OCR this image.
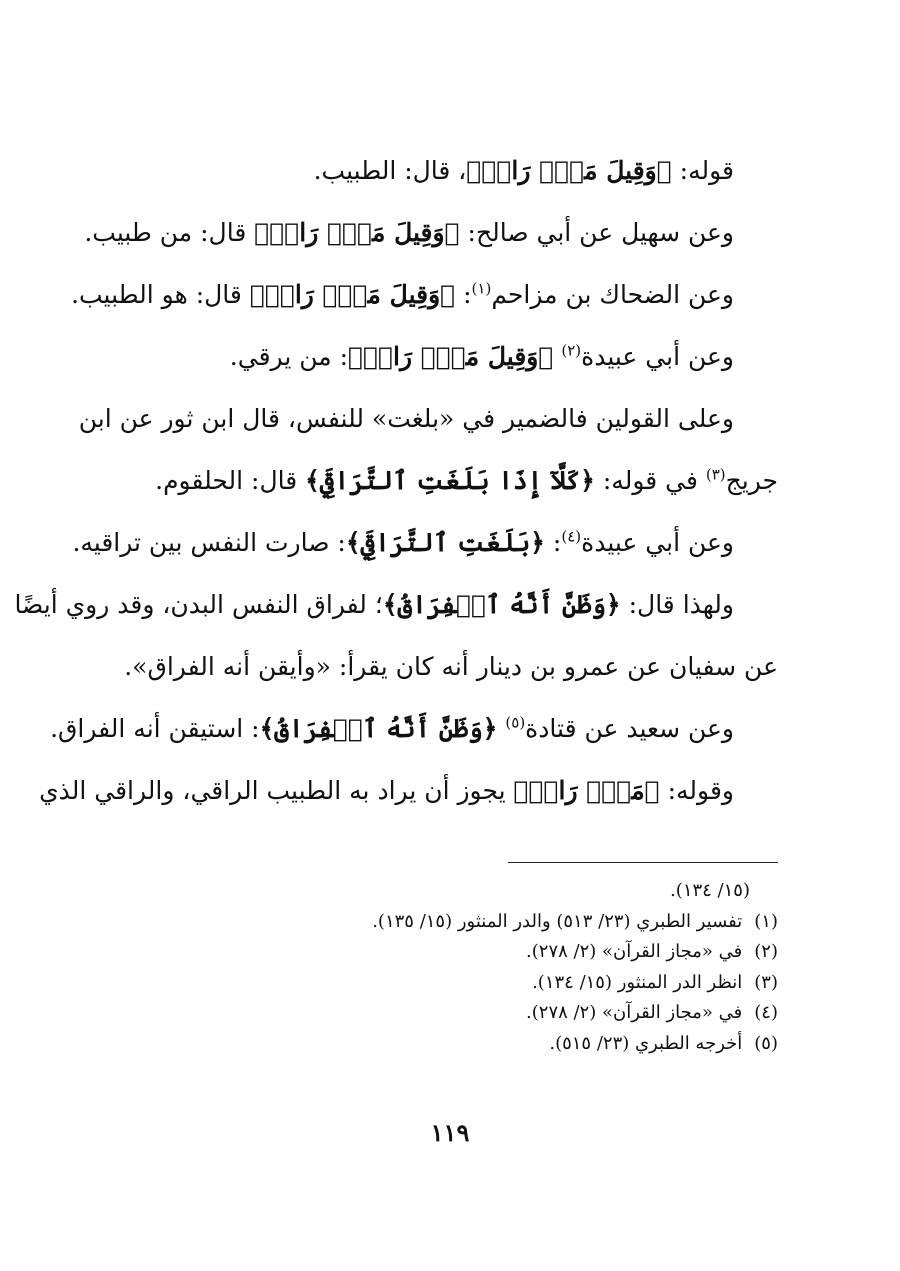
قوله: ﴿وَقِيلَ مَنۡۜ رَاقٖ﴾، قال: الطبيب.
وعن سهيل عن أبي صالح: ﴿وَقِيلَ مَنۡۜ رَاقٖ﴾ قال: من طبيب.
وعن الضحاك بن مزاحم$^{(١)}$: ﴿وَقِيلَ مَنۡۜ رَاقٖ﴾ قال: هو الطبيب.
وعن أبي عبيدة$^{(٢)}$ ﴿وَقِيلَ مَنۡۜ رَاقٖ﴾: من يرقي.
وعلى القولين فالضمير في «بلغت» للنفس، قال ابن ثور عن ابن
جريج$^{(٣)}$ في قوله: ﴿كَلَّآ إِذَا بَلَغَتِ ٱلتَّرَاقِيَ﴾ قال: الحلقوم.
وعن أبي عبيدة$^{(٤)}$: ﴿بَلَغَتِ ٱلتَّرَاقِيَ﴾: صارت النفس بين تراقيه.
ولهذا قال: ﴿وَظَنَّ أَنَّهُ ٱلۡفِرَاقُ﴾؛ لفراق النفس البدن، وقد روي أيضًا
عن سفيان عن عمرو بن دينار أنه كان يقرأ: «وأيقن أنه الفراق».
وعن سعيد عن قتادة$^{(٥)}$ ﴿وَظَنَّ أَنَّهُ ٱلۡفِرَاقُ﴾: استيقن أنه الفراق.
وقوله: ﴿مَنۡۜ رَاقٖ﴾ يجوز أن يراد به الطبيب الراقي، والراقي الذي
(١٥/ ١٣٤).
(١) تفسير الطبري (٢٣/ ٥١٣) والدر المنثور (١٥/ ١٣٥).
(٢) في «مجاز القرآن» (٢/ ٢٧٨).
(٣) انظر الدر المنثور (١٥/ ١٣٤).
(٤) في «مجاز القرآن» (٢/ ٢٧٨).
(٥) أخرجه الطبري (٢٣/ ٥١٥).
١١٩
